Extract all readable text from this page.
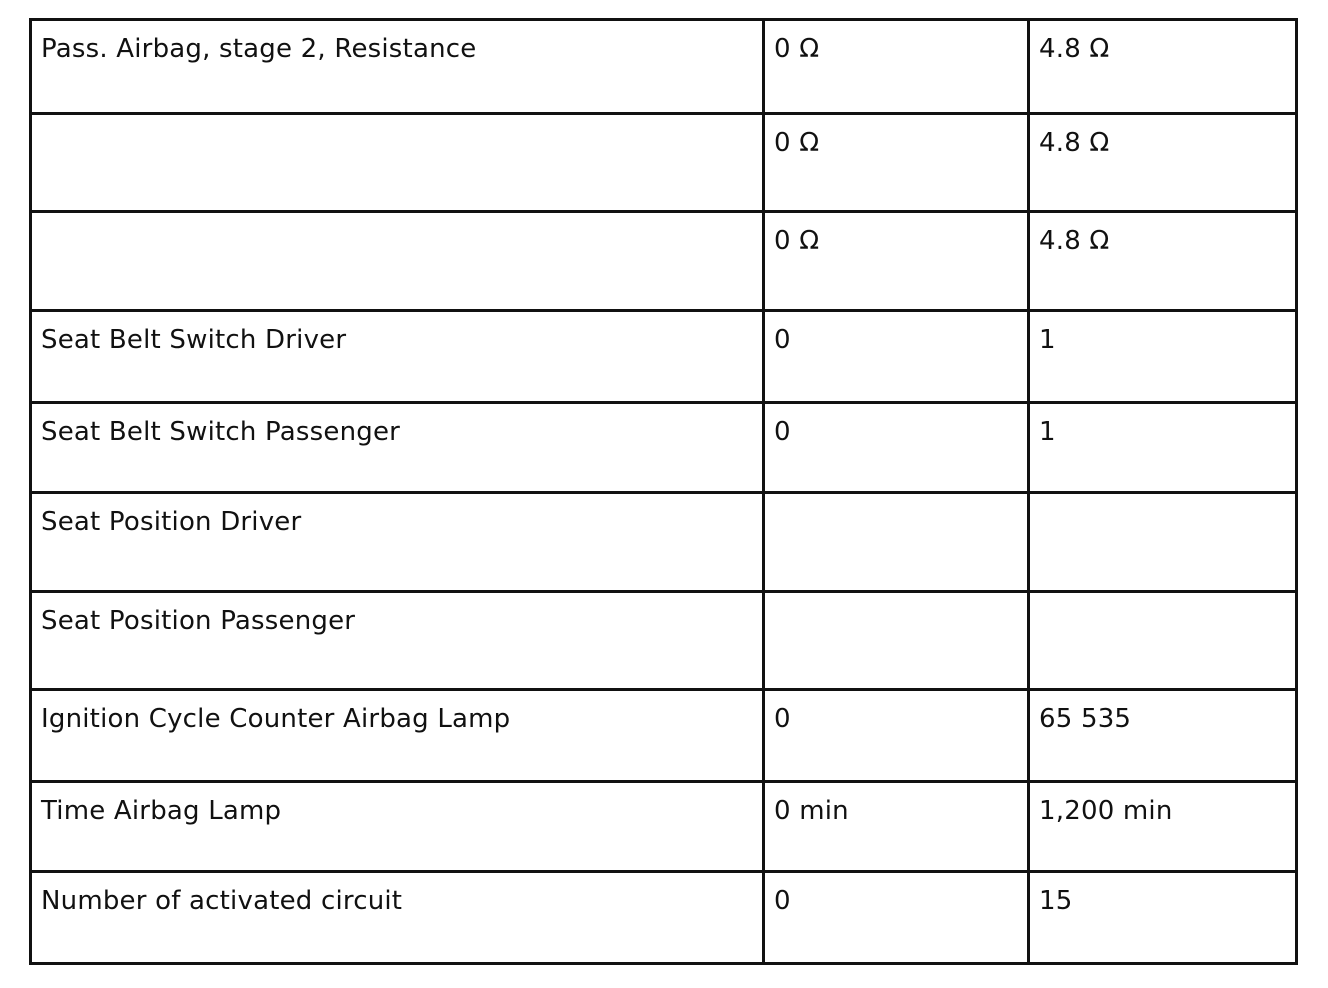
Pass. Airbag, stage 2, Resistance	0 Ω	4.8 Ω
	0 Ω	4.8 Ω
	0 Ω	4.8 Ω
Seat Belt Switch Driver	0	1
Seat Belt Switch Passenger	0	1
Seat Position Driver		
Seat Position Passenger		
Ignition Cycle Counter Airbag Lamp	0	65 535
Time Airbag Lamp	0 min	1,200 min
Number of activated circuit	0	15
